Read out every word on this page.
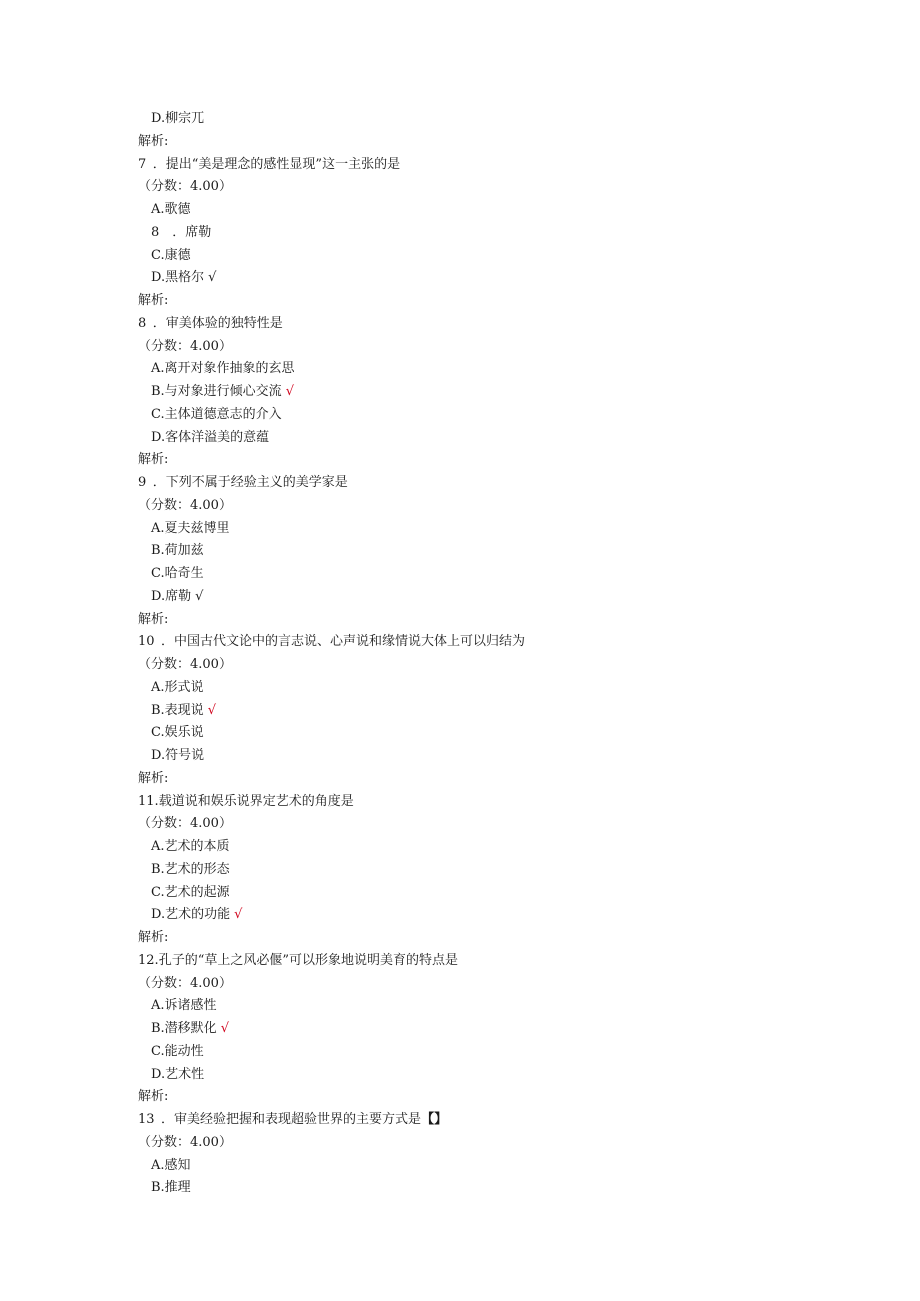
D.柳宗兀
解析:
7  ．提出“美是理念的感性显现”这一主张的是
（分数：4.00）
A.歌德
8　．席勒
C.康德
D.黑格尔 √
解析:
8  ．审美体验的独特性是
（分数：4.00）
A.离开对象作抽象的玄思
B.与对象进行倾心交流 √
C.主体道德意志的介入
D.客体洋溢美的意蕴
解析:
9  ．下列不属于经验主义的美学家是
（分数：4.00）
A.夏夫兹博里
B.荷加兹
C.哈奇生
D.席勒 √
解析:
10  ．中国古代文论中的言志说、心声说和缘情说大体上可以归结为
（分数：4.00）
A.形式说
B.表现说 √
C.娱乐说
D.符号说
解析:
11.载道说和娱乐说界定艺术的角度是
（分数：4.00）
A.艺术的本质
B.艺术的形态
C.艺术的起源
D.艺术的功能 √
解析:
12.孔子的“草上之风必偃”可以形象地说明美育的特点是
（分数：4.00）
A.诉诸感性
B.潜移默化 √
C.能动性
D.艺术性
解析:
13  ．审美经验把握和表现超验世界的主要方式是【】
（分数：4.00）
A.感知
B.推理
